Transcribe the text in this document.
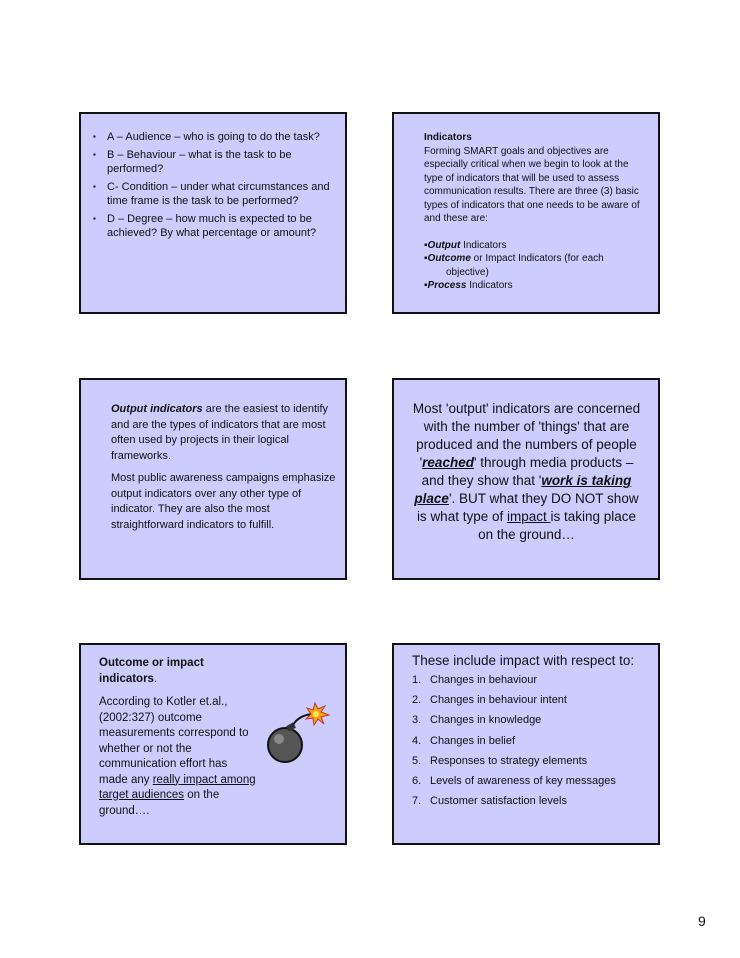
▪ A – Audience – who is going to do the task?
▪ B – Behaviour – what is the task to be performed?
▪ C- Condition – under what circumstances and time frame is the task to be performed?
▪ D – Degree – how much is expected to be achieved? By what percentage or amount?
Indicators
Forming SMART goals and objectives are especially critical when we begin to look at the type of indicators that will be used to assess communication results. There are three (3) basic types of indicators that one needs to be aware of and these are:
▪Output Indicators
▪Outcome or Impact Indicators (for each
objective)
▪Process Indicators

Output indicators are the easiest to identify and are the types of indicators that are most often used by projects in their logical frameworks.

Most public awareness campaigns emphasize output indicators over any other type of indicator. They are also the most straightforward indicators to fulfill.

Most 'output' indicators are concerned with the number of 'things' that are produced and the numbers of people 'reached' through media products – and they show that 'work is taking place'. BUT what they DO NOT show is what type of impact is taking place on the ground…

Outcome or impact indicators.

According to Kotler et.al., (2002:327) outcome measurements correspond to whether or not the communication effort has made any really impact among target audiences on the ground….

These include impact with respect to:
1. Changes in behaviour
2. Changes in behaviour intent
3. Changes in knowledge
4. Changes in belief
5. Responses to strategy elements
6. Levels of awareness of key messages
7. Customer satisfaction levels
9
